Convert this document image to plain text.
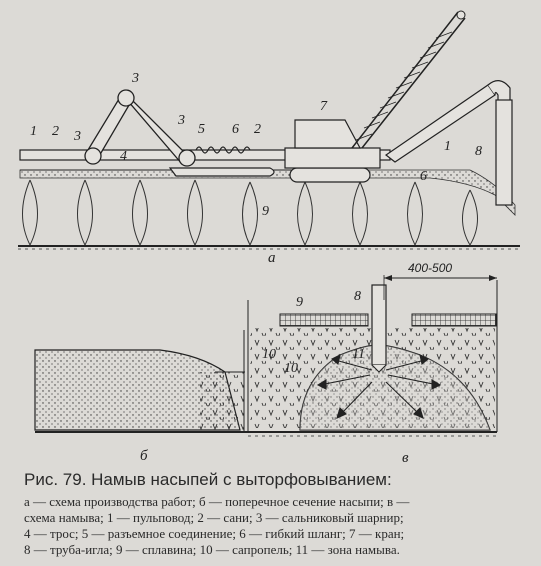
1 2 3
3
3
5 6 2
4
7
6
1 8
9
а
б
400-500
9	8
10
11
в
10
Рис. 79. Намыв насыпей с выторфовыванием:
а — схема производства работ; б — поперечное сечение насыпи; в —
схема намыва; 1 — пульповод; 2 — сани; 3 — сальниковый шарнир;
4 — трос; 5 — разъемное соединение; 6 — гибкий шланг; 7 — кран;
8 — труба-игла; 9 — сплавина; 10 — сапропель; 11 — зона намыва.
